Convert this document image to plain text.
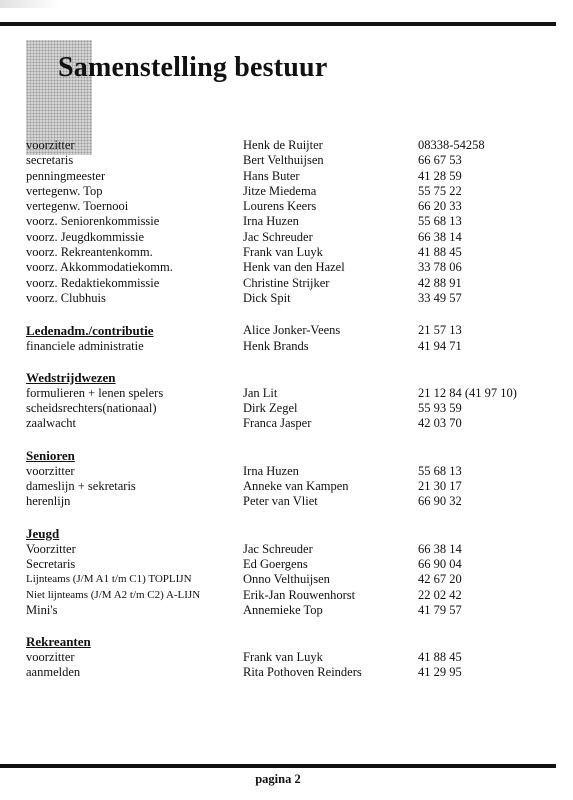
Samenstelling bestuur
voorzitter	Henk de Ruijter	08338-54258
secretaris	Bert Velthuijsen	66 67 53
penningmeester	Hans Buter	41 28 59
vertegenw. Top	Jitze Miedema	55 75 22
vertegenw. Toernooi	Lourens Keers	66 20 33
voorz. Seniorenkommissie	Irna Huzen	55 68 13
voorz. Jeugdkommissie	Jac Schreuder	66 38 14
voorz. Rekreantenkomm.	Frank van Luyk	41 88 45
voorz. Akkommodatiekomm.	Henk van den Hazel	33 78 06
voorz. Redaktiekommissie	Christine Strijker	42 88 91
voorz. Clubhuis	Dick Spit	33 49 57
Ledenadm./contributie	Alice Jonker-Veens	21 57 13
financiele administratie	Henk Brands	41 94 71
Wedstrijdwezen
formulieren + lenen spelers	Jan Lit	21 12 84 (41 97 10)
scheidsrechters(nationaal)	Dirk Zegel	55 93 59
zaalwacht	Franca Jasper	42 03 70
Senioren
voorzitter	Irna Huzen	55 68 13
dameslijn + sekretaris	Anneke van Kampen	21 30 17
herenlijn	Peter van Vliet	66 90 32
Jeugd
Voorzitter	Jac Schreuder	66 38 14
Secretaris	Ed Goergens	66 90 04
Lijnteams (J/M A1 t/m C1) TOPLIJN	Onno Velthuijsen	42 67 20
Niet lijnteams (J/M A2 t/m C2) A-LIJN	Erik-Jan Rouwenhorst	22 02 42
Mini's	Annemieke Top	41 79 57
Rekreanten
voorzitter	Frank van Luyk	41 88 45
aanmelden	Rita Pothoven Reinders	41 29 95
pagina 2
